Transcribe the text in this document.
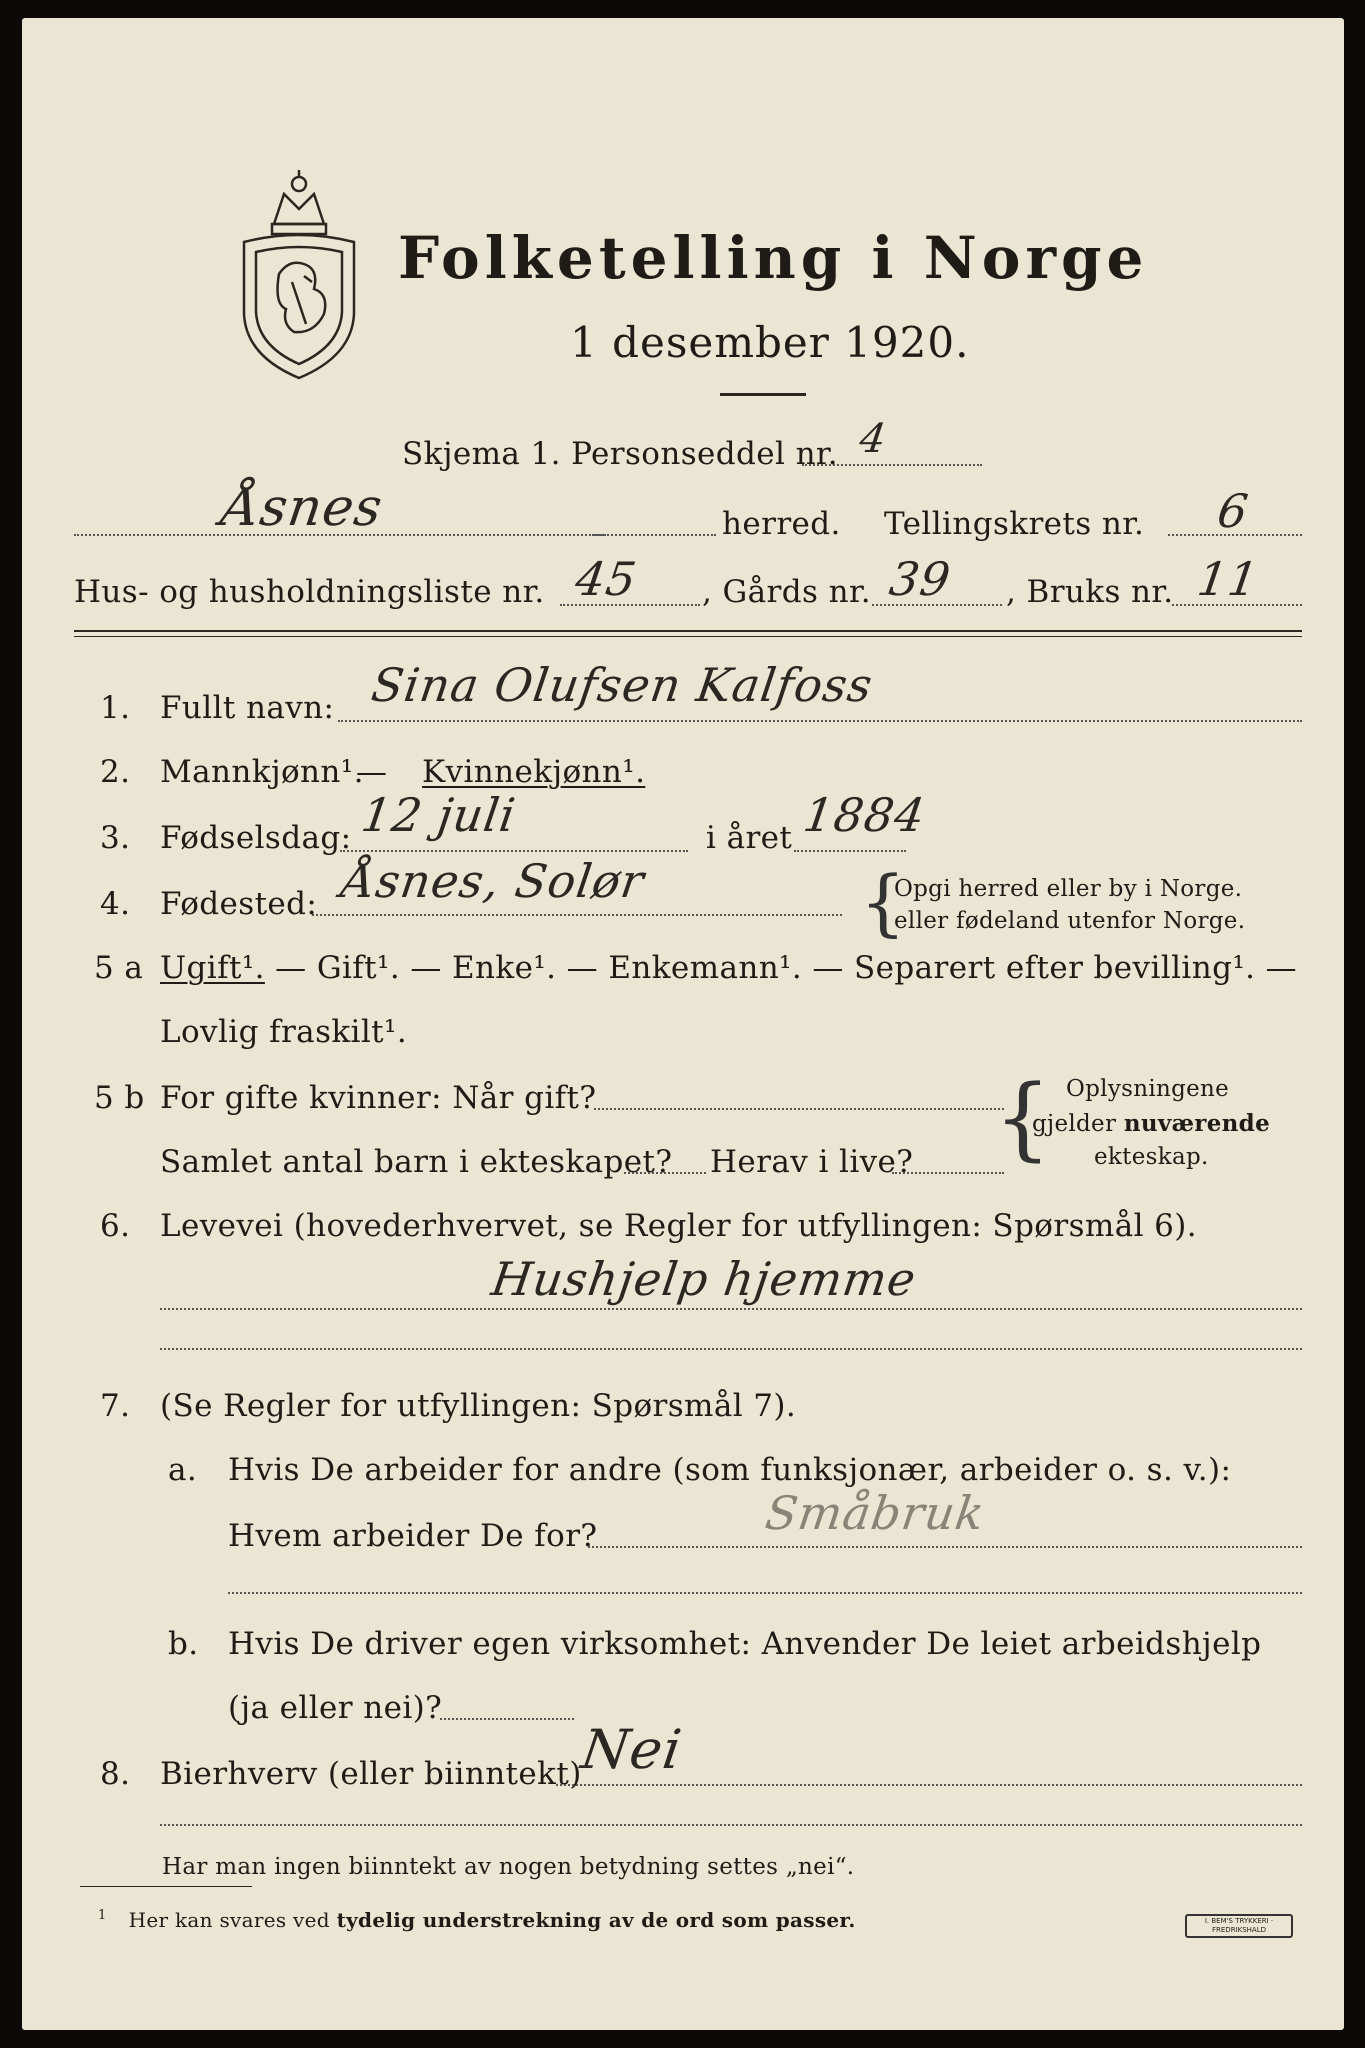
Folketelling i Norge
1 desember 1920.
Skjema 1. Personseddel nr. 4
Åsnes	herred. Tellingskrets nr. 6
Hus- og husholdningsliste nr. 45 , Gårds nr. 39 , Bruks nr. 11
1. Fullt navn: Sina Olufsen Kalfoss
2. Mannkjønn¹.
— Kvinnekjønn¹.
3. Fødselsdag: 12 juli	i året 1884
4. Fødested: Åsnes, Solør	{
Opgi herred eller by i Norge.
eller fødeland utenfor Norge.
5 a Ugift¹. — Gift¹. — Enke¹. — Enkemann¹. — Separert efter bevilling¹. —
Lovlig fraskilt¹.
5 b For gifte kvinner: Når gift?
Samlet antal barn i ekteskapet? Herav i live? { Oplysningene
gjelder nuværende
ekteskap.
6. Levevei (hovederhvervet, se Regler for utfyllingen: Spørsmål 6).
Hushjelp hjemme
7. (Se Regler for utfyllingen: Spørsmål 7).
a. Hvis De arbeider for andre (som funksjonær, arbeider o. s. v.):
Hvem arbeider De for?	Småbruk
b. Hvis De driver egen virksomhet: Anvender De leiet arbeidshjelp
(ja eller nei)?
8. Bierhverv (eller biinntekt)
Nei
Har man ingen biinntekt av nogen betydning settes „nei“.
$^1$ Her kan svares ved tydelig understrekning av de ord som passer.	I. BEM'S TRYKKERI · FREDRIKSHALD
